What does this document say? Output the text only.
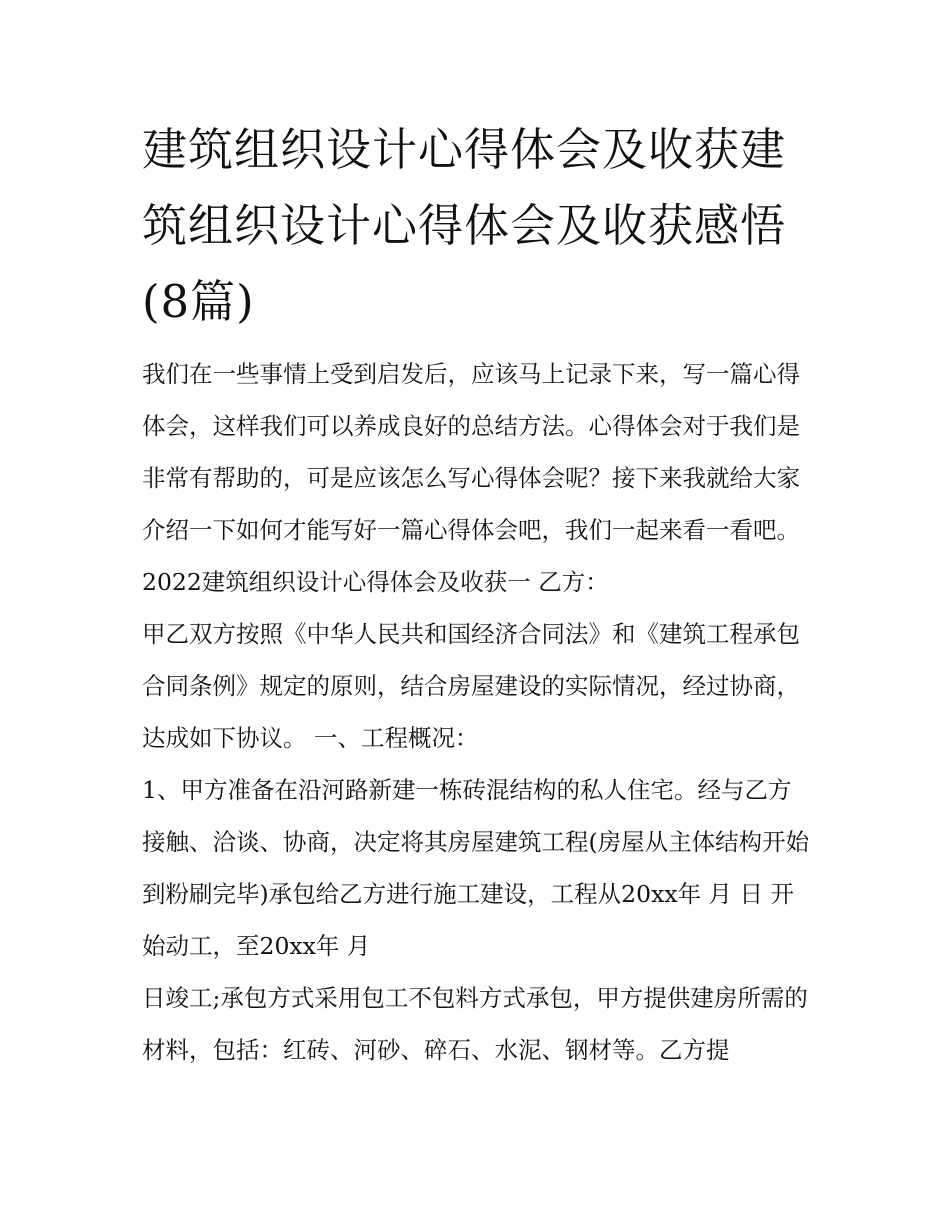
建筑组织设计心得体会及收获建筑组织设计心得体会及收获感悟(8篇)

我们在一些事情上受到启发后，应该马上记录下来，写一篇心得体会，这样我们可以养成良好的总结方法。心得体会对于我们是非常有帮助的，可是应该怎么写心得体会呢？接下来我就给大家介绍一下如何才能写好一篇心得体会吧，我们一起来看一看吧。

2022建筑组织设计心得体会及收获一 乙方：

甲乙双方按照《中华人民共和国经济合同法》和《建筑工程承包合同条例》规定的原则，结合房屋建设的实际情况，经过协商，达成如下协议。 一、工程概况：

1、甲方准备在沿河路新建一栋砖混结构的私人住宅。经与乙方接触、洽谈、协商，决定将其房屋建筑工程(房屋从主体结构开始到粉刷完毕)承包给乙方进行施工建设，工程从20xx年 月 日 开始动工，至20xx年 月

日竣工;承包方式采用包工不包料方式承包，甲方提供建房所需的材料，包括：红砖、河砂、碎石、水泥、钢材等。乙方提
